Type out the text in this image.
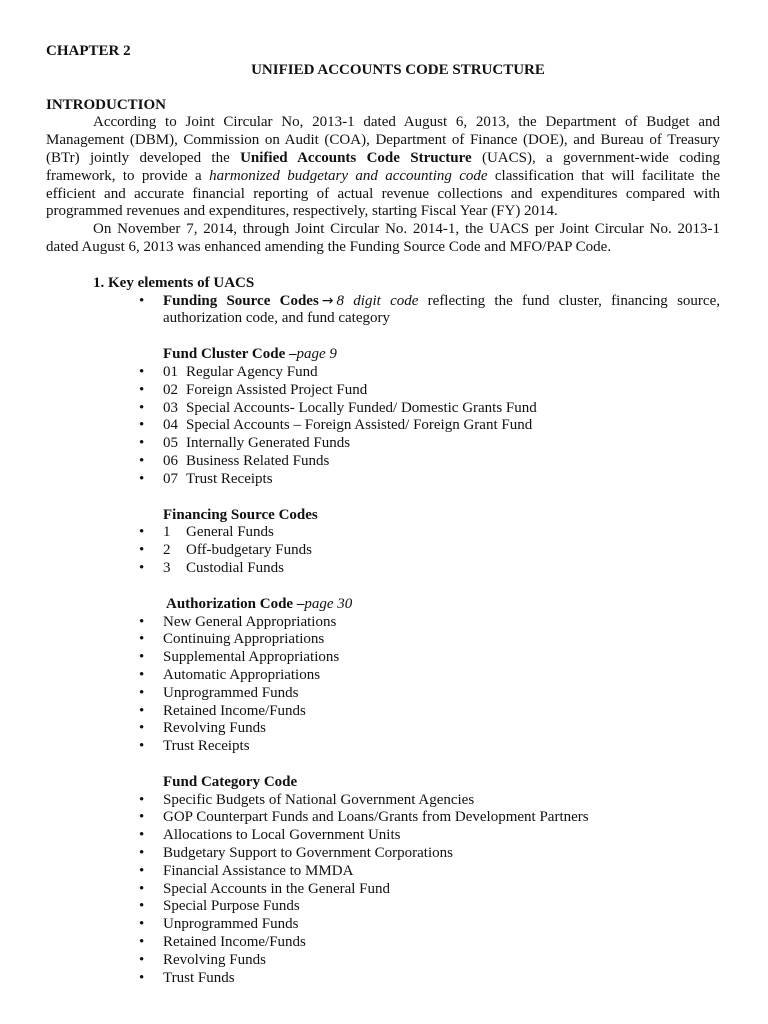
CHAPTER 2

UNIFIED ACCOUNTS CODE STRUCTURE

INTRODUCTION

According to Joint Circular No, 2013-1 dated August 6, 2013, the Department of Budget and Management (DBM), Commission on Audit (COA), Department of Finance (DOE), and Bureau of Treasury (BTr) jointly developed the Unified Accounts Code Structure (UACS), a government-wide coding framework, to provide a harmonized budgetary and accounting code classification that will facilitate the efficient and accurate financial reporting of actual revenue collections and expenditures compared with programmed revenues and expenditures, respectively, starting Fiscal Year (FY) 2014.

On November 7, 2014, through Joint Circular No. 2014-1, the UACS per Joint Circular No. 2013-1 dated August 6, 2013 was enhanced amending the Funding Source Code and MFO/PAP Code.

1. Key elements of UACS

• Funding Source Codes → 8 digit code reflecting the fund cluster, financing source, authorization code, and fund category

Fund Cluster Code –page 9

• 01 Regular Agency Fund
• 02 Foreign Assisted Project Fund
• 03 Special Accounts- Locally Funded/ Domestic Grants Fund
• 04 Special Accounts – Foreign Assisted/ Foreign Grant Fund
• 05 Internally Generated Funds
• 06 Business Related Funds
• 07 Trust Receipts

Financing Source Codes

• 1 General Funds
• 2 Off-budgetary Funds
• 3 Custodial Funds

Authorization Code –page 30

• New General Appropriations
• Continuing Appropriations
• Supplemental Appropriations
• Automatic Appropriations
• Unprogrammed Funds
• Retained Income/Funds
• Revolving Funds
• Trust Receipts

Fund Category Code

• Specific Budgets of National Government Agencies
• GOP Counterpart Funds and Loans/Grants from Development Partners
• Allocations to Local Government Units
• Budgetary Support to Government Corporations
• Financial Assistance to MMDA
• Special Accounts in the General Fund
• Special Purpose Funds
• Unprogrammed Funds
• Retained Income/Funds
• Revolving Funds
• Trust Funds
